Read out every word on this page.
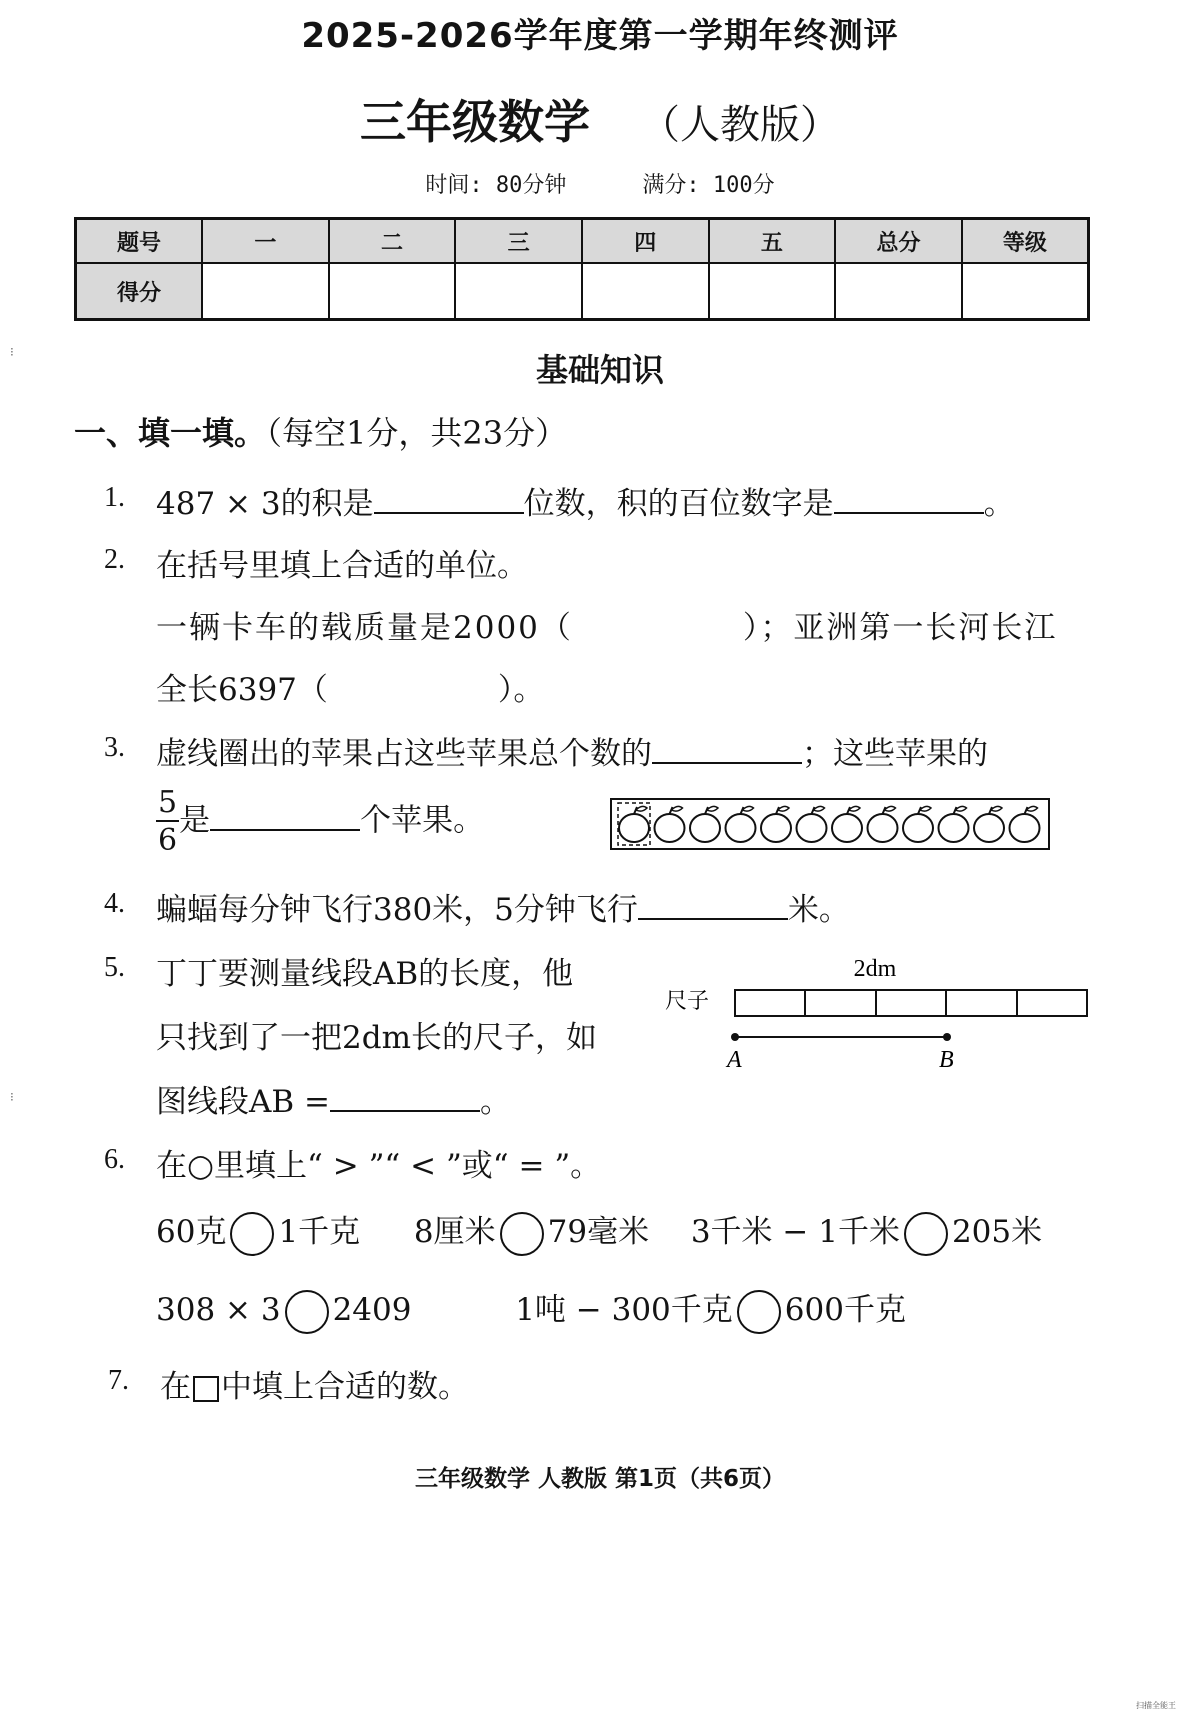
2025-2026学年度第一学期年终测评
三年级数学 （人教版）
时间: 80分钟	满分: 100分
题号	一	二	三	四	五	总分	等级
得分							
⁝
⁝
基础知识
一、填一填。（每空1分，共23分）
1. 487 × 3的积是	位数，积的百位数字是	。
2. 在括号里填上合适的单位。
一辆卡车的载质量是2000（	）；亚洲第一长河长江
全长6397（	）。
3. 虚线圈出的苹果占这些苹果总个数的	；这些苹果的
$\frac{5}{6}$ 是	个苹果。
4. 蝙蝠每分钟飞行380米，5分钟飞行	米。
5. 丁丁要测量线段AB的长度，他
只找到了一把2dm长的尺子，如
图线段AB =	。
2dm
尺子
A	B
6. 在○里填上“ > ”“ < ”或“ = ”。
60克 1千克 8厘米 79毫米 3千米 − 1千米 205米
308 × 3 2409	1吨 − 300千克 600千克
7. 在 中填上合适的数。
三年级数学 人教版 第1页（共6页）
扫描全能王
